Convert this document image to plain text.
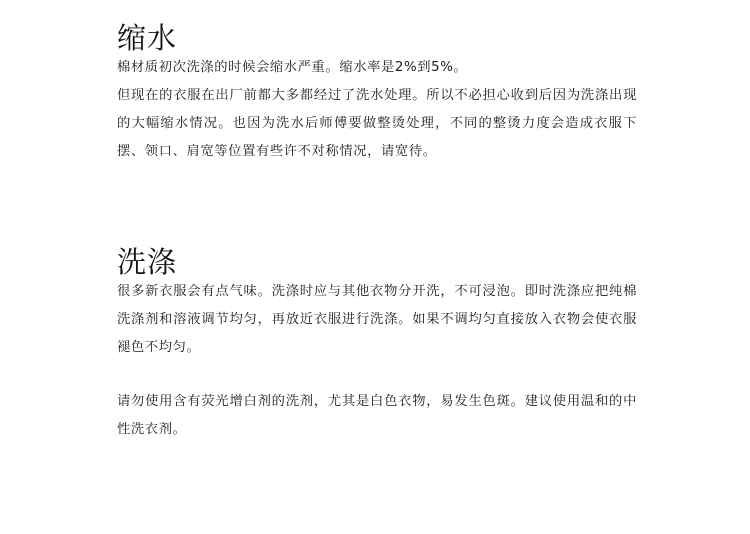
缩水

棉材质初次洗涤的时候会缩水严重。缩水率是2%到5%。

但现在的衣服在出厂前都大多都经过了洗水处理。所以不必担心收到后因为洗涤出现的大幅缩水情况。也因为洗水后师傅要做整烫处理，不同的整烫力度会造成衣服下摆、领口、肩宽等位置有些许不对称情况，请宽待。

洗涤

很多新衣服会有点气味。洗涤时应与其他衣物分开洗，不可浸泡。即时洗涤应把纯棉洗涤剂和溶液调节均匀，再放近衣服进行洗涤。如果不调均匀直接放入衣物会使衣服褪色不均匀。

请勿使用含有荧光增白剂的洗剂，尤其是白色衣物，易发生色斑。建议使用温和的中性洗衣剂。
